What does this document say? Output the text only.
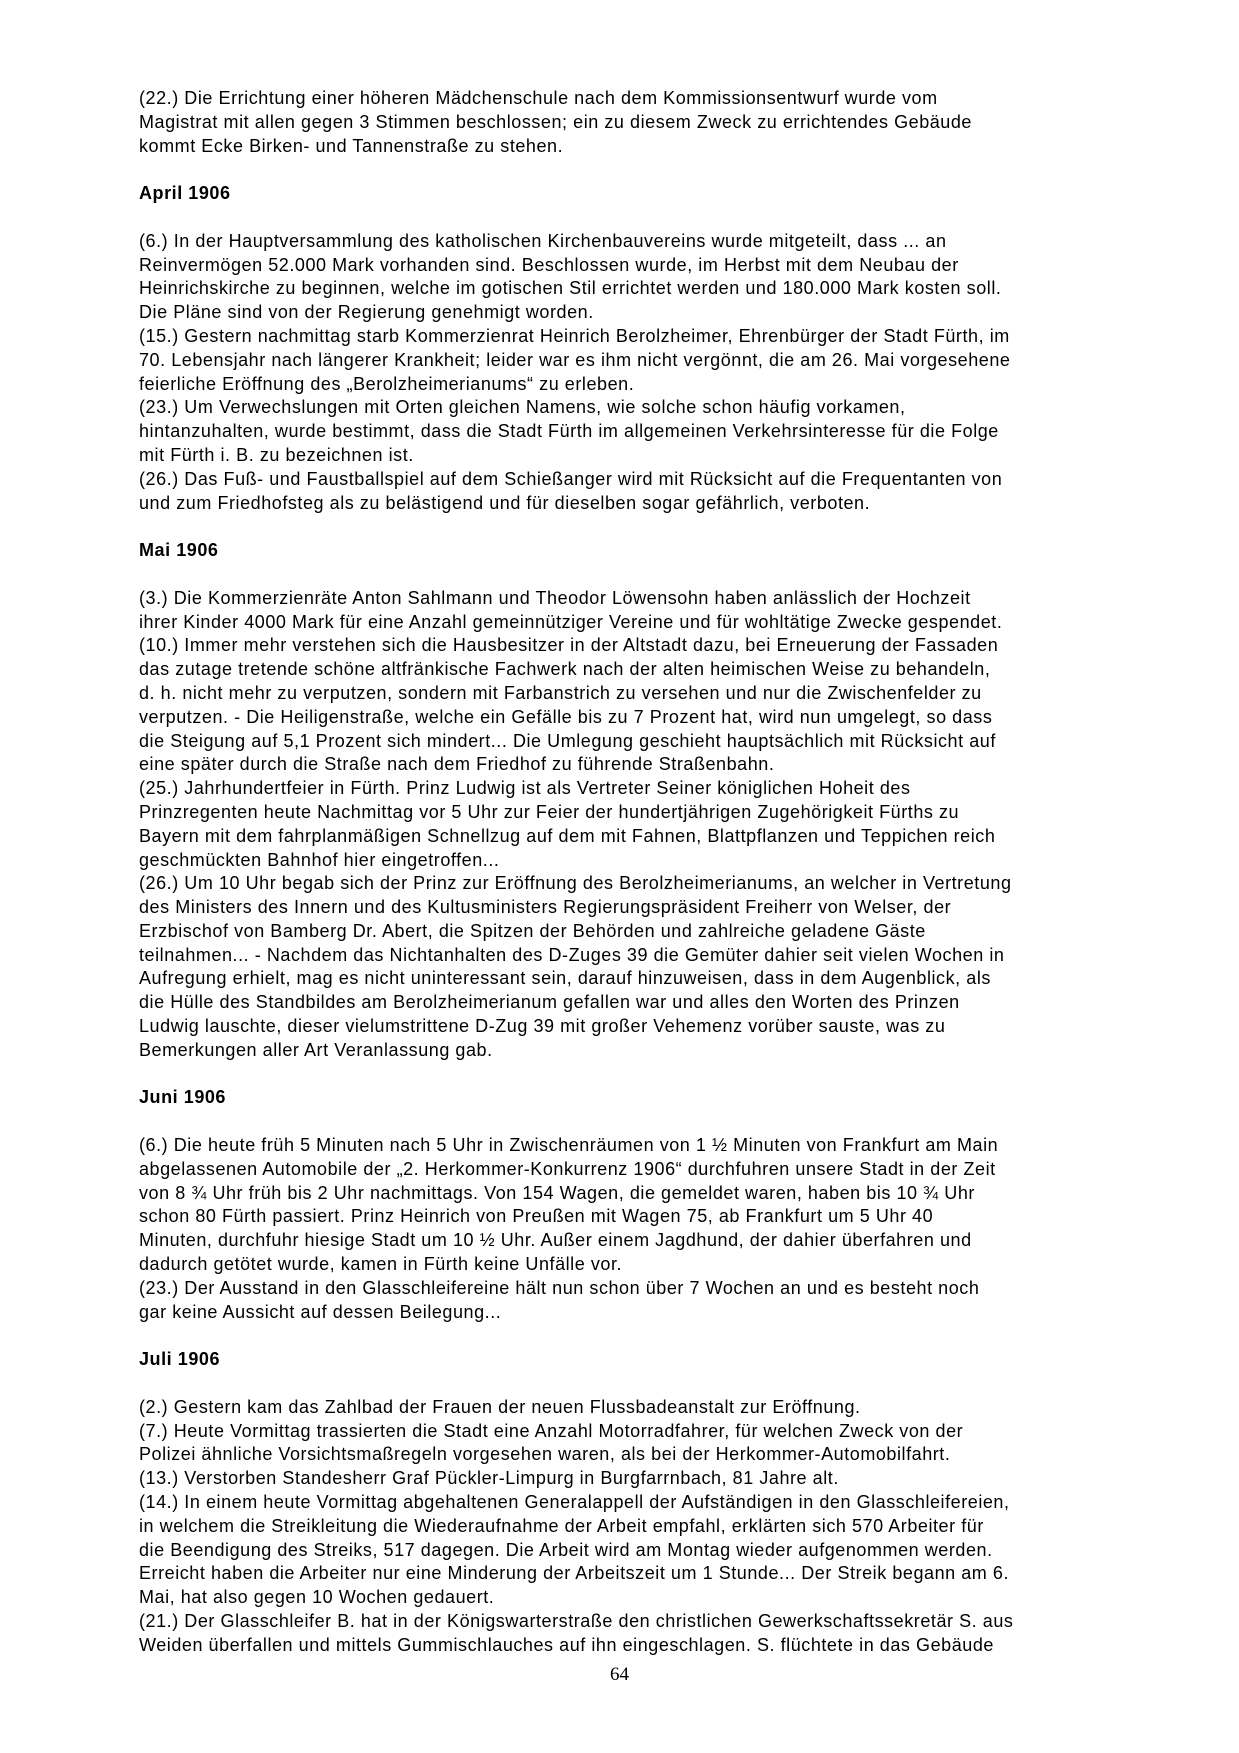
(22.) Die Errichtung einer höheren Mädchenschule nach dem Kommissionsentwurf wurde vom
Magistrat mit allen gegen 3 Stimmen beschlossen; ein zu diesem Zweck zu errichtendes Gebäude
kommt Ecke Birken- und Tannenstraße zu stehen.
April 1906
(6.) In der Hauptversammlung des katholischen Kirchenbauvereins wurde mitgeteilt, dass ... an
Reinvermögen 52.000 Mark vorhanden sind. Beschlossen wurde, im Herbst mit dem Neubau der
Heinrichskirche zu beginnen, welche im gotischen Stil errichtet werden und 180.000 Mark kosten soll.
Die Pläne sind von der Regierung genehmigt worden.
(15.) Gestern nachmittag starb Kommerzienrat Heinrich Berolzheimer, Ehrenbürger der Stadt Fürth, im
70. Lebensjahr nach längerer Krankheit; leider war es ihm nicht vergönnt, die am 26. Mai vorgesehene
feierliche Eröffnung des „Berolzheimerianums“ zu erleben.
(23.) Um Verwechslungen mit Orten gleichen Namens, wie solche schon häufig vorkamen,
hintanzuhalten, wurde bestimmt, dass die Stadt Fürth im allgemeinen Verkehrsinteresse für die Folge
mit Fürth i. B. zu bezeichnen ist.
(26.) Das Fuß- und Faustballspiel auf dem Schießanger wird mit Rücksicht auf die Frequentanten von
und zum Friedhofsteg als zu belästigend und für dieselben sogar gefährlich, verboten.
Mai 1906
(3.) Die Kommerzienräte Anton Sahlmann und Theodor Löwensohn haben anlässlich der Hochzeit
ihrer Kinder 4000 Mark für eine Anzahl gemeinnütziger Vereine und für wohltätige Zwecke gespendet.
(10.) Immer mehr verstehen sich die Hausbesitzer in der Altstadt dazu, bei Erneuerung der Fassaden
das zutage tretende schöne altfränkische Fachwerk nach der alten heimischen Weise zu behandeln,
d. h. nicht mehr zu verputzen, sondern mit Farbanstrich zu versehen und nur die Zwischenfelder zu
verputzen. - Die Heiligenstraße, welche ein Gefälle bis zu 7 Prozent hat, wird nun umgelegt, so dass
die Steigung auf 5,1 Prozent sich mindert... Die Umlegung geschieht hauptsächlich mit Rücksicht auf
eine später durch die Straße nach dem Friedhof zu führende Straßenbahn.
(25.) Jahrhundertfeier in Fürth. Prinz Ludwig ist als Vertreter Seiner königlichen Hoheit des
Prinzregenten heute Nachmittag vor 5 Uhr zur Feier der hundertjährigen Zugehörigkeit Fürths zu
Bayern mit dem fahrplanmäßigen Schnellzug auf dem mit Fahnen, Blattpflanzen und Teppichen reich
geschmückten Bahnhof hier eingetroffen...
(26.) Um 10 Uhr begab sich der Prinz zur Eröffnung des Berolzheimerianums, an welcher in Vertretung
des Ministers des Innern und des Kultusministers Regierungspräsident Freiherr von Welser, der
Erzbischof von Bamberg Dr. Abert, die Spitzen der Behörden und zahlreiche geladene Gäste
teilnahmen... - Nachdem das Nichtanhalten des D-Zuges 39 die Gemüter dahier seit vielen Wochen in
Aufregung erhielt, mag es nicht uninteressant sein, darauf hinzuweisen, dass in dem Augenblick, als
die Hülle des Standbildes am Berolzheimerianum gefallen war und alles den Worten des Prinzen
Ludwig lauschte, dieser vielumstrittene D-Zug 39 mit großer Vehemenz vorüber sauste, was zu
Bemerkungen aller Art Veranlassung gab.
Juni 1906
(6.) Die heute früh 5 Minuten nach 5 Uhr in Zwischenräumen von 1 ½ Minuten von Frankfurt am Main
abgelassenen Automobile der „2. Herkommer-Konkurrenz 1906“ durchfuhren unsere Stadt in der Zeit
von 8 ¾ Uhr früh bis 2 Uhr nachmittags. Von 154 Wagen, die gemeldet waren, haben bis 10 ¾ Uhr
schon 80 Fürth passiert. Prinz Heinrich von Preußen mit Wagen 75, ab Frankfurt um 5 Uhr 40
Minuten, durchfuhr hiesige Stadt um 10 ½ Uhr. Außer einem Jagdhund, der dahier überfahren und
dadurch getötet wurde, kamen in Fürth keine Unfälle vor.
(23.) Der Ausstand in den Glasschleifereine hält nun schon über 7 Wochen an und es besteht noch
gar keine Aussicht auf dessen Beilegung...
Juli 1906
(2.) Gestern kam das Zahlbad der Frauen der neuen Flussbadeanstalt zur Eröffnung.
(7.) Heute Vormittag trassierten die Stadt eine Anzahl Motorradfahrer, für welchen Zweck von der
Polizei ähnliche Vorsichtsmaßregeln vorgesehen waren, als bei der Herkommer-Automobilfahrt.
(13.) Verstorben Standesherr Graf Pückler-Limpurg in Burgfarrnbach, 81 Jahre alt.
(14.) In einem heute Vormittag abgehaltenen Generalappell der Aufständigen in den Glasschleifereien,
in welchem die Streikleitung die Wiederaufnahme der Arbeit empfahl, erklärten sich 570 Arbeiter für
die Beendigung des Streiks, 517 dagegen. Die Arbeit wird am Montag wieder aufgenommen werden.
Erreicht haben die Arbeiter nur eine Minderung der Arbeitszeit um 1 Stunde... Der Streik begann am 6.
Mai, hat also gegen 10 Wochen gedauert.
(21.) Der Glasschleifer B. hat in der Königswarterstraße den christlichen Gewerkschaftssekretär S. aus
Weiden überfallen und mittels Gummischlauches auf ihn eingeschlagen. S. flüchtete in das Gebäude
64
